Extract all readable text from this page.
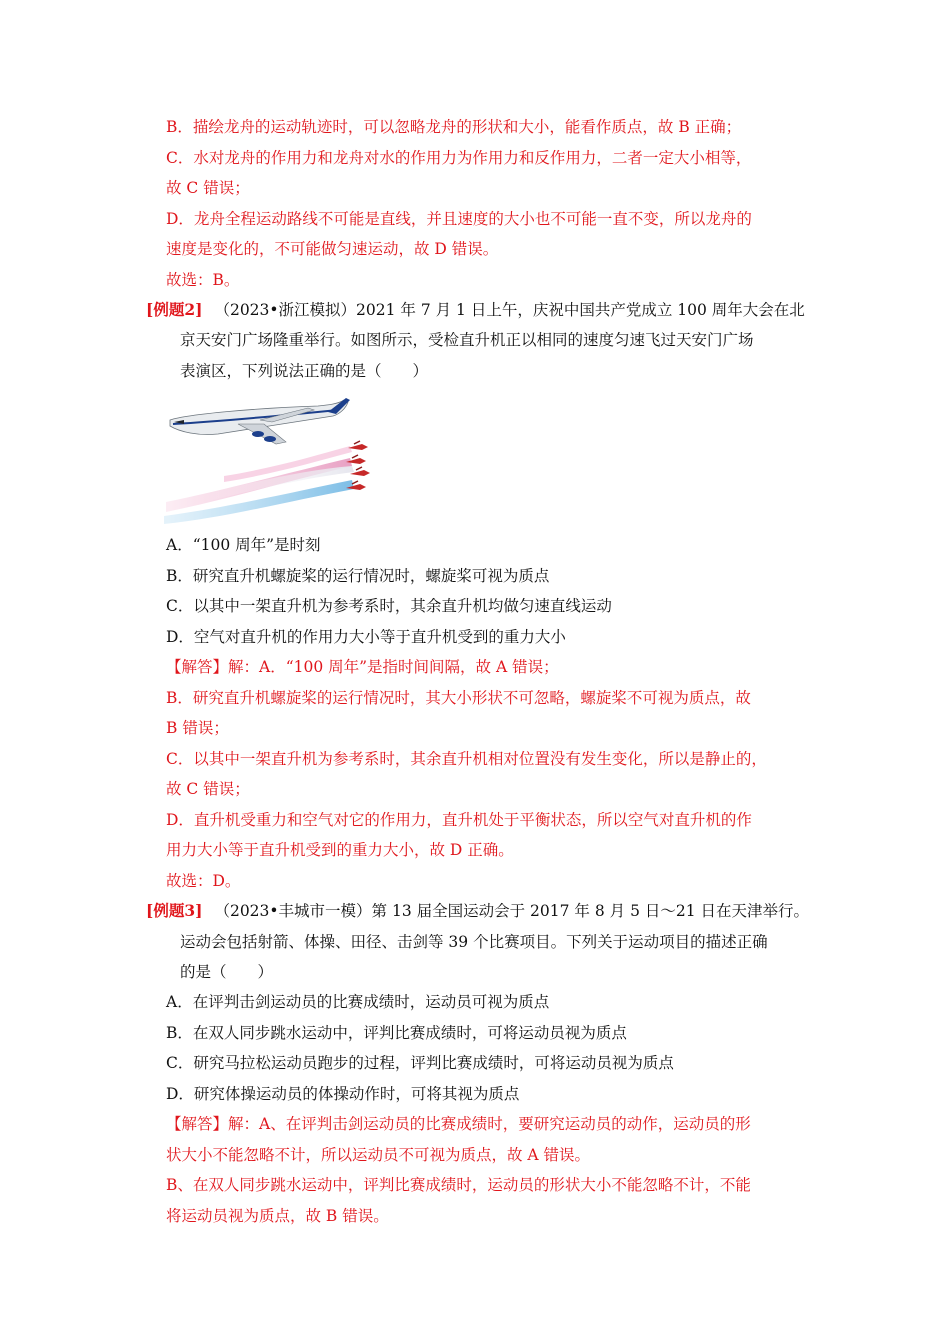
B．描绘龙舟的运动轨迹时，可以忽略龙舟的形状和大小，能看作质点，故 B 正确；
C．水对龙舟的作用力和龙舟对水的作用力为作用力和反作用力，二者一定大小相等，
故 C 错误；
D．龙舟全程运动路线不可能是直线，并且速度的大小也不可能一直不变，所以龙舟的
速度是变化的，不可能做匀速运动，故 D 错误。
故选：B。
[例题2] （2023•浙江模拟）2021 年 7 月 1 日上午，庆祝中国共产党成立 100 周年大会在北
京天安门广场隆重举行。如图所示，受检直升机正以相同的速度匀速飞过天安门广场
表演区，下列说法正确的是（　　）
A．“100 周年”是时刻
B．研究直升机螺旋桨的运行情况时，螺旋桨可视为质点
C．以其中一架直升机为参考系时，其余直升机均做匀速直线运动
D．空气对直升机的作用力大小等于直升机受到的重力大小
【解答】解：A．“100 周年”是指时间间隔，故 A 错误；
B．研究直升机螺旋桨的运行情况时，其大小形状不可忽略，螺旋桨不可视为质点，故
B 错误；
C．以其中一架直升机为参考系时，其余直升机相对位置没有发生变化，所以是静止的，
故 C 错误；
D．直升机受重力和空气对它的作用力，直升机处于平衡状态，所以空气对直升机的作
用力大小等于直升机受到的重力大小，故 D 正确。
故选：D。
[例题3] （2023•丰城市一模）第 13 届全国运动会于 2017 年 8 月 5 日～21 日在天津举行。
运动会包括射箭、体操、田径、击剑等 39 个比赛项目。下列关于运动项目的描述正确
的是（　　）
A．在评判击剑运动员的比赛成绩时，运动员可视为质点
B．在双人同步跳水运动中，评判比赛成绩时，可将运动员视为质点
C．研究马拉松运动员跑步的过程，评判比赛成绩时，可将运动员视为质点
D．研究体操运动员的体操动作时，可将其视为质点
【解答】解：A、在评判击剑运动员的比赛成绩时，要研究运动员的动作，运动员的形
状大小不能忽略不计，所以运动员不可视为质点，故 A 错误。
B、在双人同步跳水运动中，评判比赛成绩时，运动员的形状大小不能忽略不计，不能
将运动员视为质点，故 B 错误。
